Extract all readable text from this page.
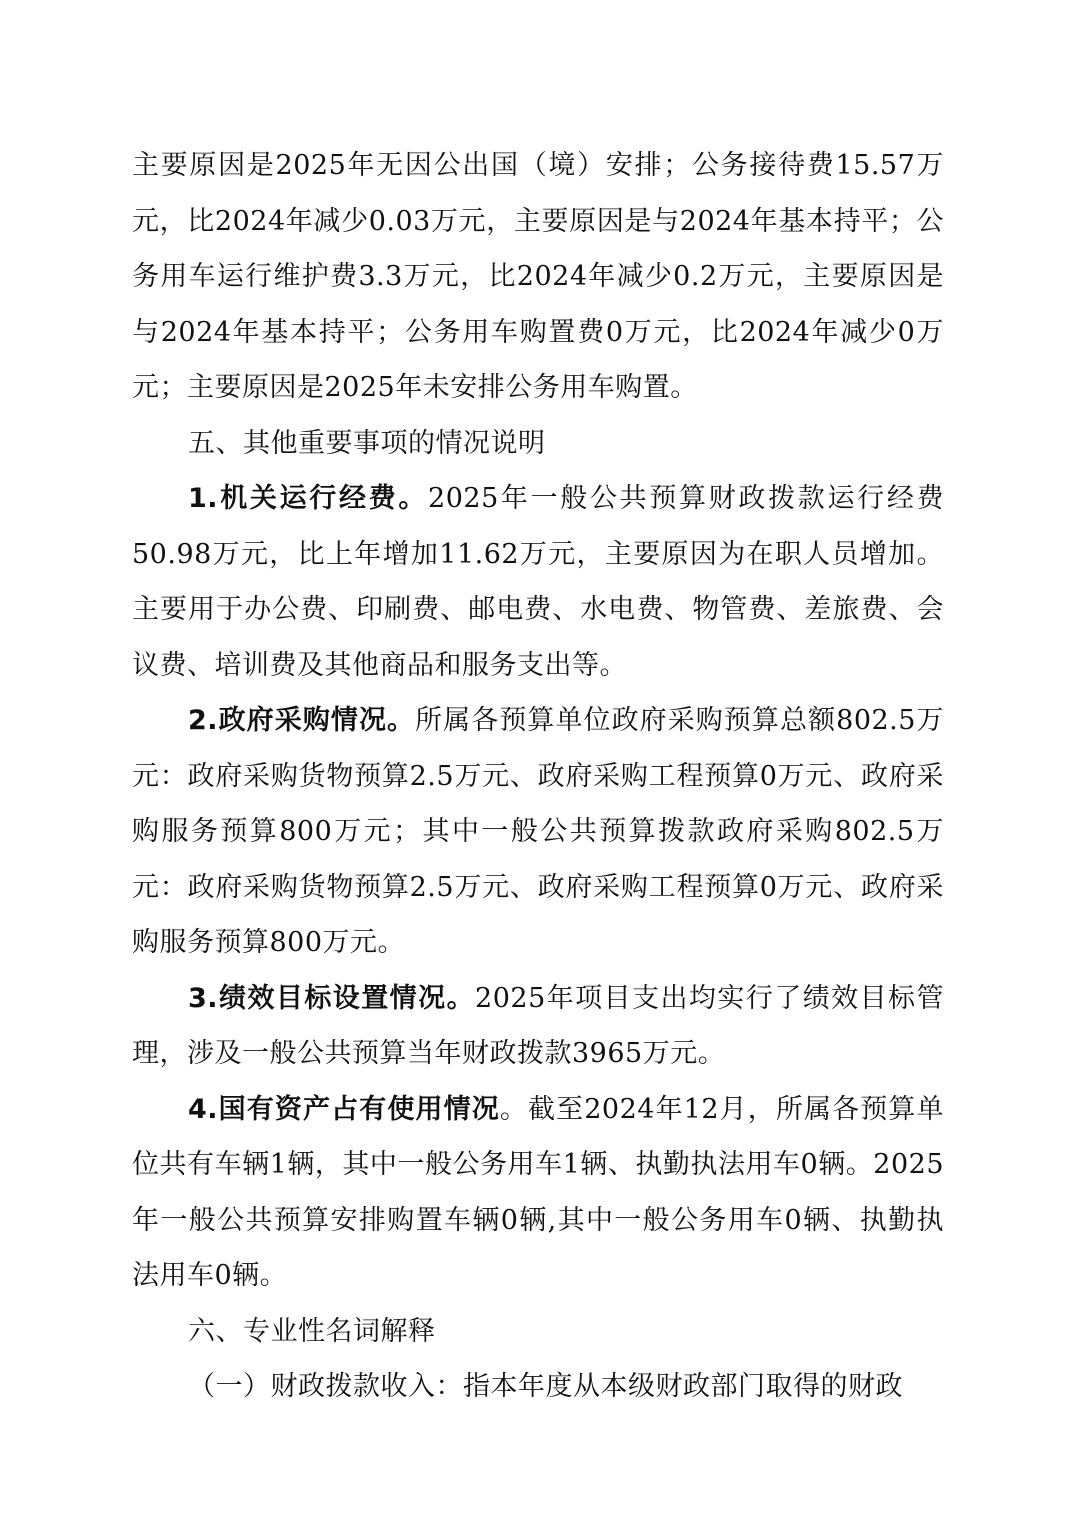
主要原因是2025年无因公出国（境）安排；公务接待费15.57万元，比2024年减少0.03万元，主要原因是与2024年基本持平；公务用车运行维护费3.3万元，比2024年减少0.2万元，主要原因是与2024年基本持平；公务用车购置费0万元，比2024年减少0万元；主要原因是2025年未安排公务用车购置。

五、其他重要事项的情况说明

1.机关运行经费。2025年一般公共预算财政拨款运行经费50.98万元，比上年增加11.62万元，主要原因为在职人员增加。主要用于办公费、印刷费、邮电费、水电费、物管费、差旅费、会议费、培训费及其他商品和服务支出等。

2.政府采购情况。所属各预算单位政府采购预算总额802.5万元：政府采购货物预算2.5万元、政府采购工程预算0万元、政府采购服务预算800万元；其中一般公共预算拨款政府采购802.5万元：政府采购货物预算2.5万元、政府采购工程预算0万元、政府采购服务预算800万元。

3.绩效目标设置情况。2025年项目支出均实行了绩效目标管理，涉及一般公共预算当年财政拨款3965万元。

4.国有资产占有使用情况。截至2024年12月，所属各预算单位共有车辆1辆，其中一般公务用车1辆、执勤执法用车0辆。2025年一般公共预算安排购置车辆0辆,其中一般公务用车0辆、执勤执法用车0辆。

六、专业性名词解释

（一）财政拨款收入：指本年度从本级财政部门取得的财政
